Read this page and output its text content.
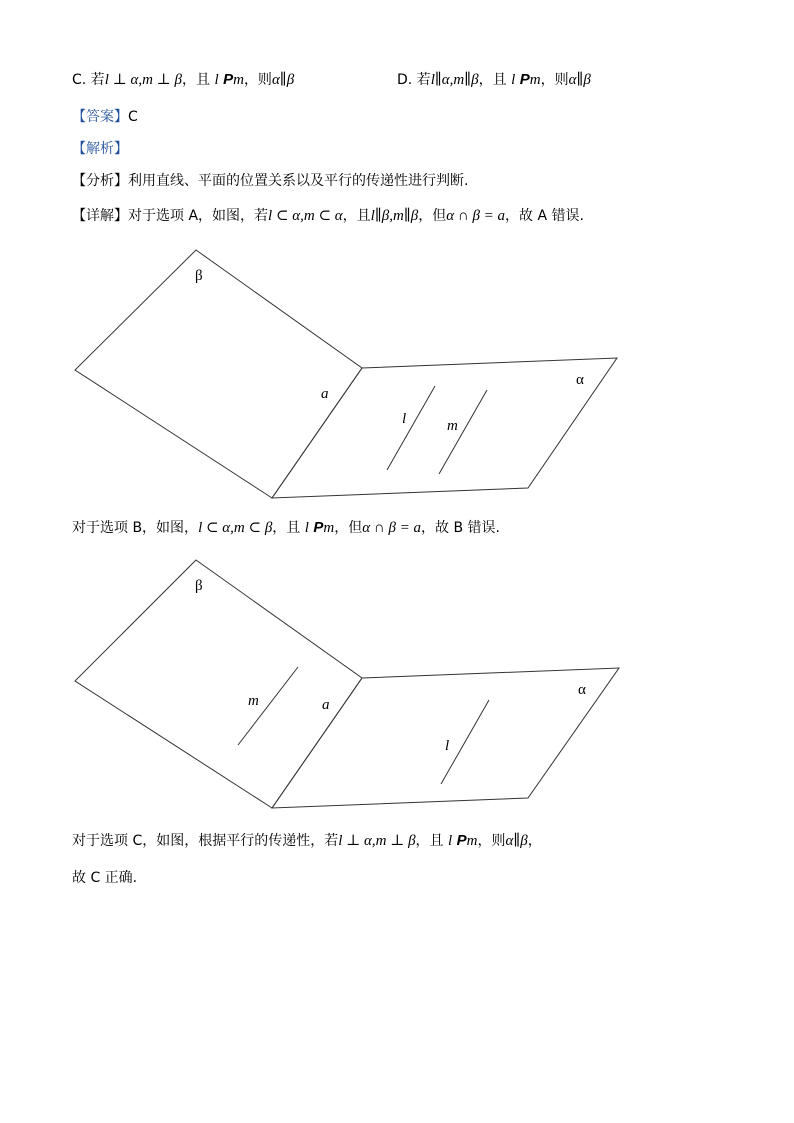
C. 若l ⊥ α,m ⊥ β，且 l Pm，则α∥β	D. 若l∥α,m∥β，且 l Pm，则α∥β
【答案】C
【解析】
【分析】利用直线、平面的位置关系以及平行的传递性进行判断.
【详解】对于选项 A，如图，若l ⊂ α,m ⊂ α，且l∥β,m∥β，但α ∩ β = a，故 A 错误.
β
α
a
l	m
对于选项 B，如图，l ⊂ α,m ⊂ β，且 l Pm，但α ∩ β = a，故 B 错误.
β
α
a
m
l
对于选项 C，如图，根据平行的传递性，若l ⊥ α,m ⊥ β，且 l Pm，则α∥β，
故 C 正确.
